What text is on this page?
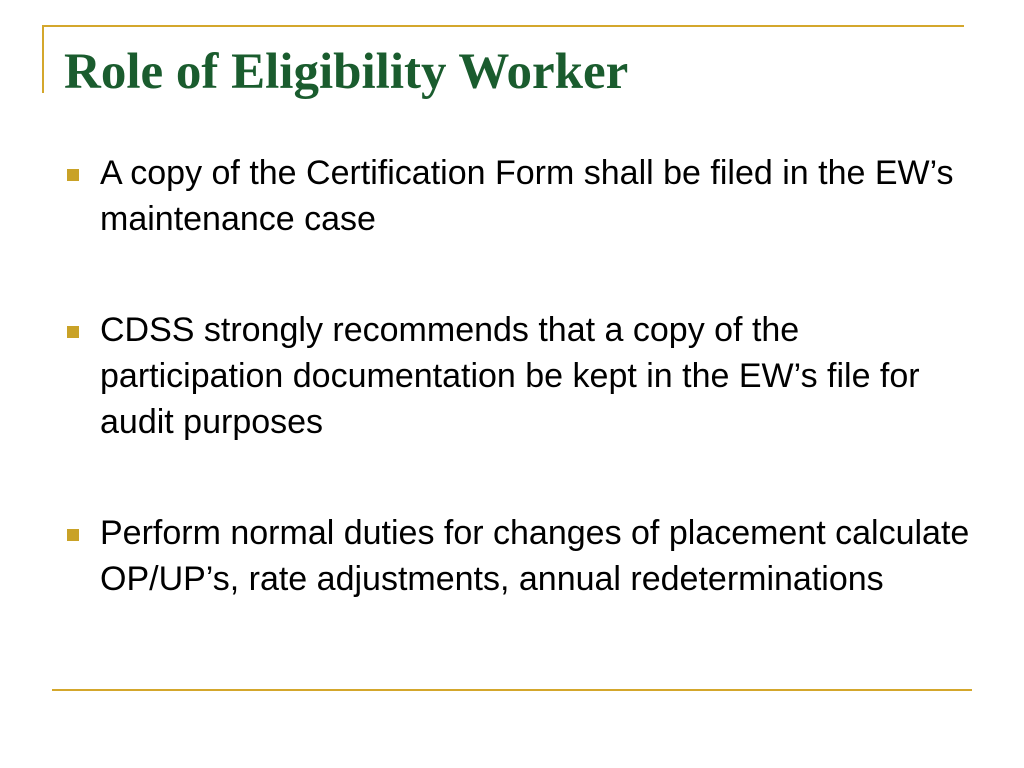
Role of Eligibility Worker
A copy of the Certification Form shall be filed in the EW’s maintenance case
CDSS strongly recommends that a copy of the participation documentation be kept in the EW’s file for audit purposes
Perform normal duties for changes of placement calculate OP/UP’s, rate adjustments, annual redeterminations
